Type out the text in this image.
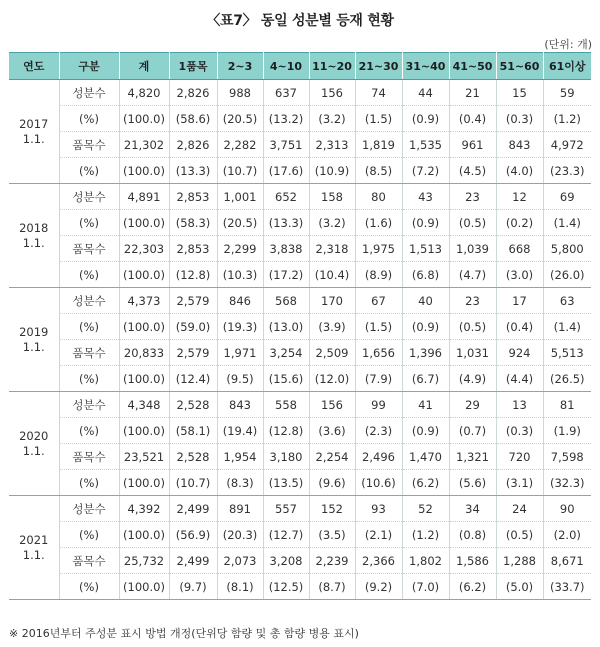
〈표7〉 동일 성분별 등재 현황
(단위: 개)
연도	구분	계	1품목	2~3	4~10	11~20	21~30	31~40	41~50	51~60	61이상

2017
1.1.	성분수	4,820	2,826	988	637	156	74	44	21	15	59
	(%)	(100.0)	(58.6)	(20.5)	(13.2)	(3.2)	(1.5)	(0.9)	(0.4)	(0.3)	(1.2)
	품목수	21,302	2,826	2,282	3,751	2,313	1,819	1,535	961	843	4,972
	(%)	(100.0)	(13.3)	(10.7)	(17.6)	(10.9)	(8.5)	(7.2)	(4.5)	(4.0)	(23.3)

2018
1.1.	성분수	4,891	2,853	1,001	652	158	80	43	23	12	69
	(%)	(100.0)	(58.3)	(20.5)	(13.3)	(3.2)	(1.6)	(0.9)	(0.5)	(0.2)	(1.4)
	품목수	22,303	2,853	2,299	3,838	2,318	1,975	1,513	1,039	668	5,800
	(%)	(100.0)	(12.8)	(10.3)	(17.2)	(10.4)	(8.9)	(6.8)	(4.7)	(3.0)	(26.0)

2019
1.1.	성분수	4,373	2,579	846	568	170	67	40	23	17	63
	(%)	(100.0)	(59.0)	(19.3)	(13.0)	(3.9)	(1.5)	(0.9)	(0.5)	(0.4)	(1.4)
	품목수	20,833	2,579	1,971	3,254	2,509	1,656	1,396	1,031	924	5,513
	(%)	(100.0)	(12.4)	(9.5)	(15.6)	(12.0)	(7.9)	(6.7)	(4.9)	(4.4)	(26.5)

2020
1.1.	성분수	4,348	2,528	843	558	156	99	41	29	13	81
	(%)	(100.0)	(58.1)	(19.4)	(12.8)	(3.6)	(2.3)	(0.9)	(0.7)	(0.3)	(1.9)
	품목수	23,521	2,528	1,954	3,180	2,254	2,496	1,470	1,321	720	7,598
	(%)	(100.0)	(10.7)	(8.3)	(13.5)	(9.6)	(10.6)	(6.2)	(5.6)	(3.1)	(32.3)

2021
1.1.	성분수	4,392	2,499	891	557	152	93	52	34	24	90
	(%)	(100.0)	(56.9)	(20.3)	(12.7)	(3.5)	(2.1)	(1.2)	(0.8)	(0.5)	(2.0)
	품목수	25,732	2,499	2,073	3,208	2,239	2,366	1,802	1,586	1,288	8,671
	(%)	(100.0)	(9.7)	(8.1)	(12.5)	(8.7)	(9.2)	(7.0)	(6.2)	(5.0)	(33.7)
※ 2016년부터 주성분 표시 방법 개정(단위당 함량 및 총 함량 병용 표시)
